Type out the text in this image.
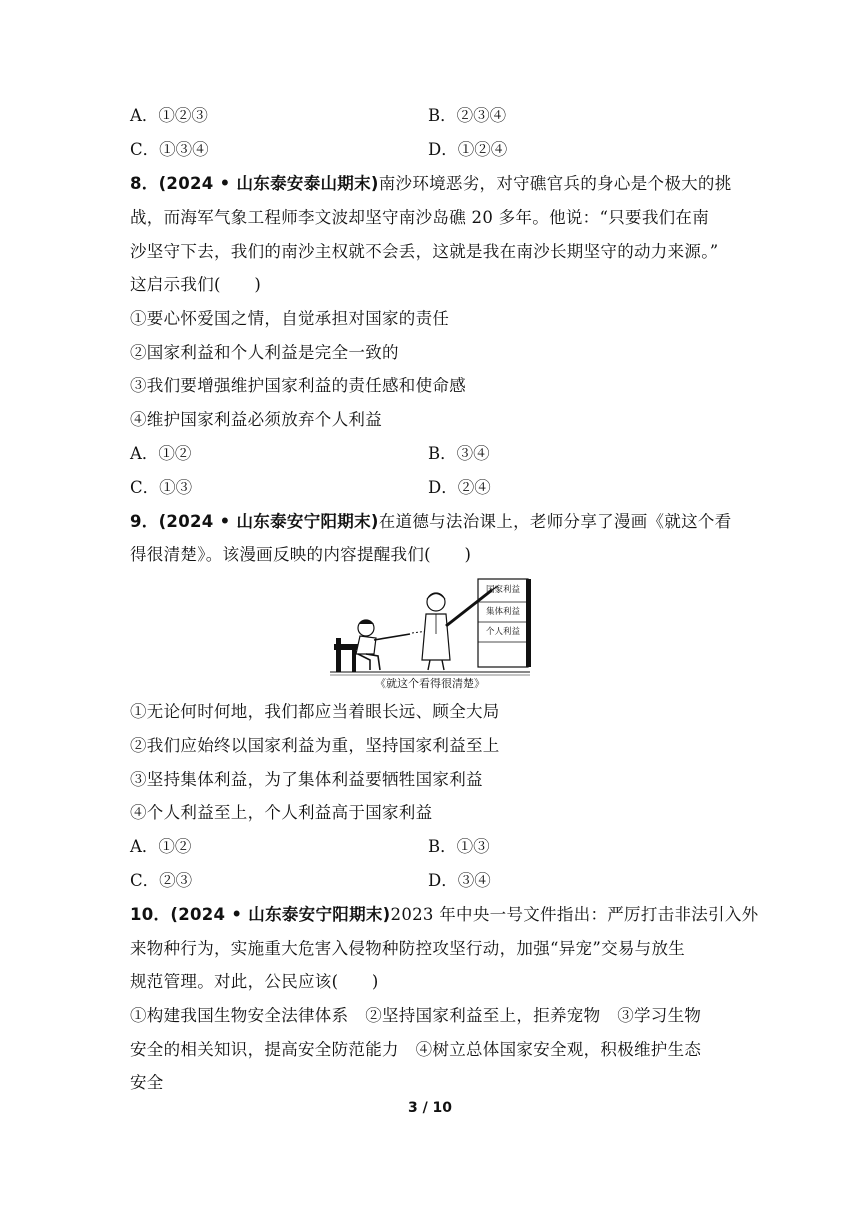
A．①②③	B．②③④
C．①③④	D．①②④
8．(2024 • 山东泰安泰山期末)南沙环境恶劣，对守礁官兵的身心是个极大的挑
战，而海军气象工程师李文波却坚守南沙岛礁 20 多年。他说：“只要我们在南
沙坚守下去，我们的南沙主权就不会丢，这就是我在南沙长期坚守的动力来源。”
这启示我们(　　)
①要心怀爱国之情，自觉承担对国家的责任
②国家利益和个人利益是完全一致的
③我们要增强维护国家利益的责任感和使命感
④维护国家利益必须放弃个人利益
A．①②	B．③④
C．①③	D．②④
9．(2024 • 山东泰安宁阳期末)在道德与法治课上，老师分享了漫画《就这个看
得很清楚》。该漫画反映的内容提醒我们(　　)
国家利益
集体利益
个人利益
《就这个看得很清楚》
①无论何时何地，我们都应当着眼长远、顾全大局
②我们应始终以国家利益为重，坚持国家利益至上
③坚持集体利益，为了集体利益要牺牲国家利益
④个人利益至上，个人利益高于国家利益
A．①②	B．①③
C．②③	D．③④
10．(2024 • 山东泰安宁阳期末)2023 年中央一号文件指出：严厉打击非法引入外
来物种行为，实施重大危害入侵物种防控攻坚行动，加强“异宠”交易与放生
规范管理。对此，公民应该(　　)
①构建我国生物安全法律体系　②坚持国家利益至上，拒养宠物　③学习生物
安全的相关知识，提高安全防范能力　④树立总体国家安全观，积极维护生态
安全
3 / 10
